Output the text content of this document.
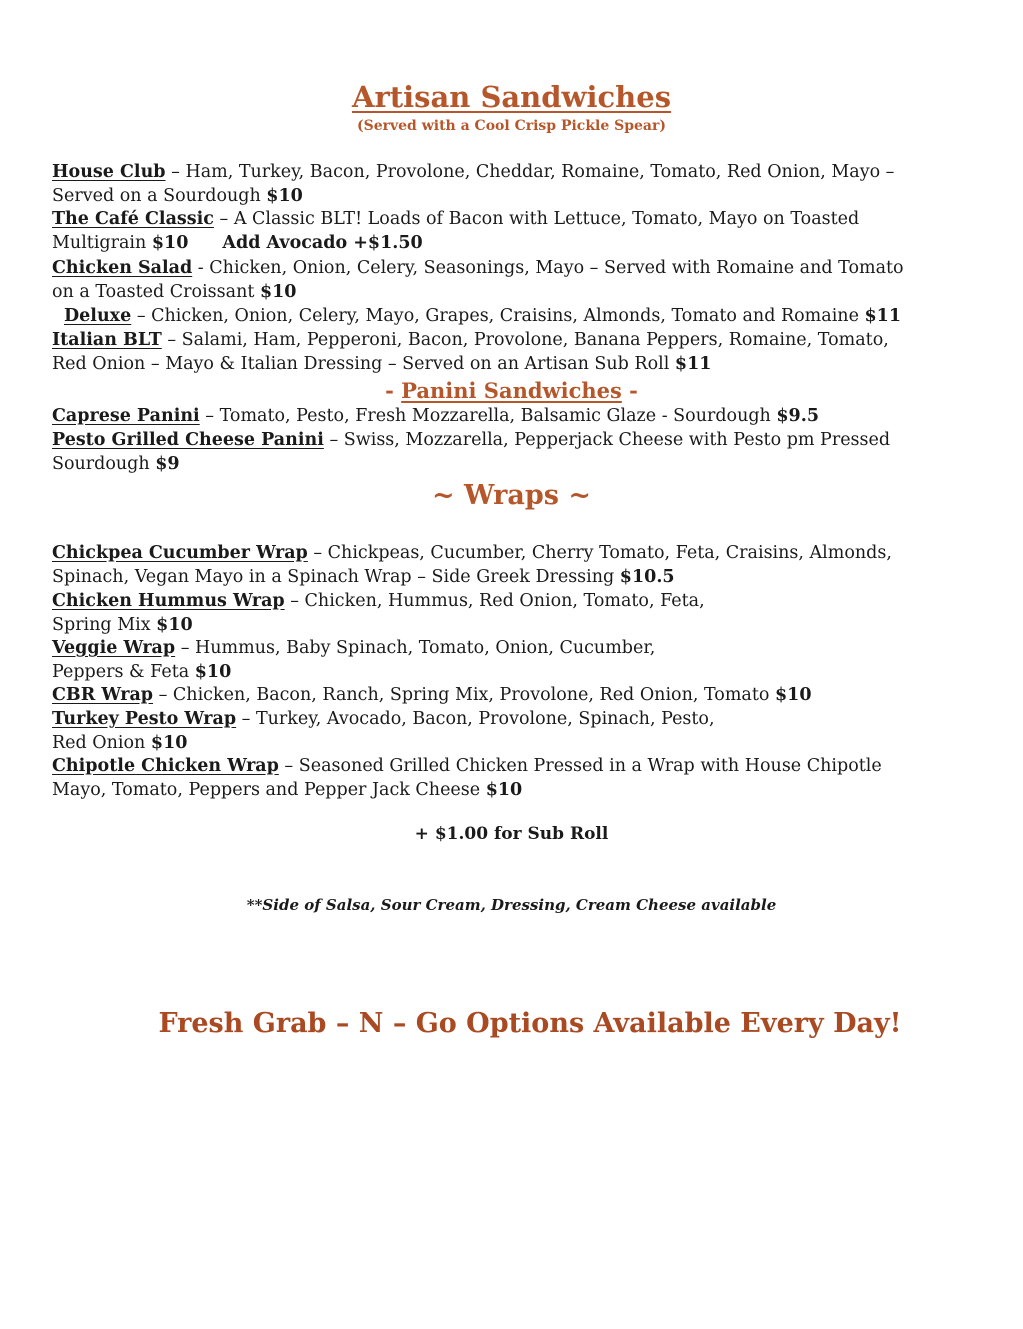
Artisan Sandwiches
(Served with a Cool Crisp Pickle Spear)
House Club – Ham, Turkey, Bacon, Provolone, Cheddar, Romaine, Tomato, Red Onion, Mayo –
Served on a Sourdough $10
The Café Classic – A Classic BLT! Loads of Bacon with Lettuce, Tomato, Mayo on Toasted
Multigrain $10 Add Avocado +$1.50
Chicken Salad - Chicken, Onion, Celery, Seasonings, Mayo – Served with Romaine and Tomato
on a Toasted Croissant $10
Deluxe – Chicken, Onion, Celery, Mayo, Grapes, Craisins, Almonds, Tomato and Romaine $11
Italian BLT – Salami, Ham, Pepperoni, Bacon, Provolone, Banana Peppers, Romaine, Tomato,
Red Onion – Mayo & Italian Dressing – Served on an Artisan Sub Roll $11
- Panini Sandwiches -
Caprese Panini – Tomato, Pesto, Fresh Mozzarella, Balsamic Glaze - Sourdough $9.5
Pesto Grilled Cheese Panini – Swiss, Mozzarella, Pepperjack Cheese with Pesto pm Pressed
Sourdough $9
~ Wraps ~
Chickpea Cucumber Wrap – Chickpeas, Cucumber, Cherry Tomato, Feta, Craisins, Almonds,
Spinach, Vegan Mayo in a Spinach Wrap – Side Greek Dressing $10.5
Chicken Hummus Wrap – Chicken, Hummus, Red Onion, Tomato, Feta,
Spring Mix $10
Veggie Wrap – Hummus, Baby Spinach, Tomato, Onion, Cucumber,
Peppers & Feta $10
CBR Wrap – Chicken, Bacon, Ranch, Spring Mix, Provolone, Red Onion, Tomato $10
Turkey Pesto Wrap – Turkey, Avocado, Bacon, Provolone, Spinach, Pesto,
Red Onion $10
Chipotle Chicken Wrap – Seasoned Grilled Chicken Pressed in a Wrap with House Chipotle
Mayo, Tomato, Peppers and Pepper Jack Cheese $10
+ $1.00 for Sub Roll
**Side of Salsa, Sour Cream, Dressing, Cream Cheese available
Fresh Grab – N – Go Options Available Every Day!
